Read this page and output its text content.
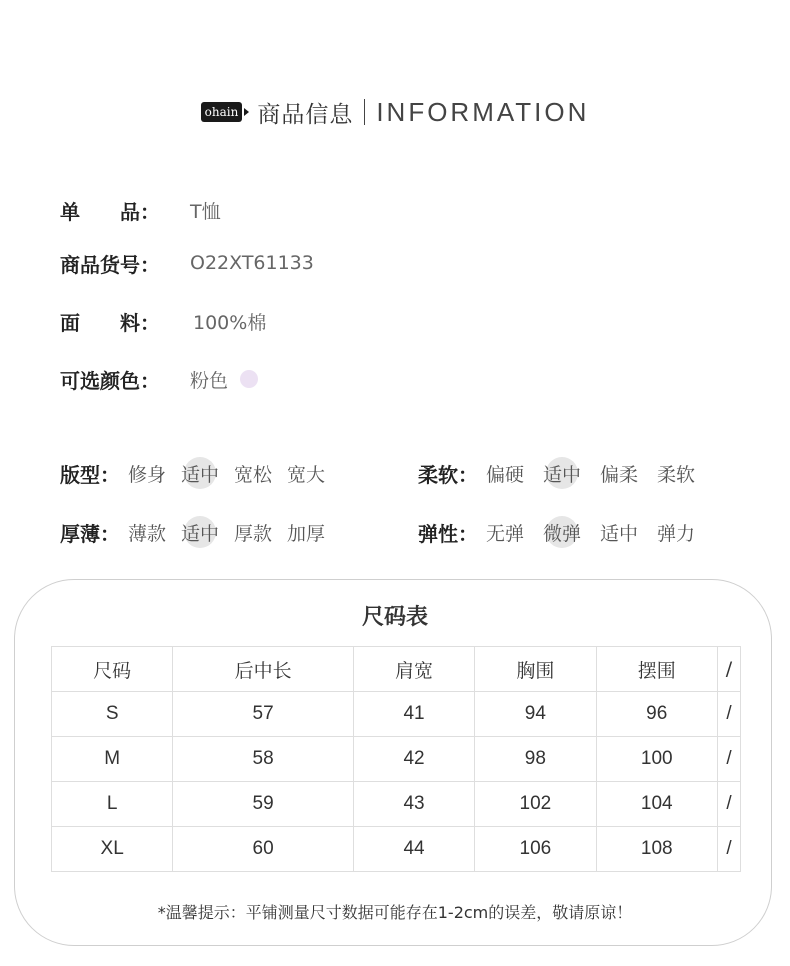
ohain 商品信息 INFORMATION
单　　品：	T恤
商品货号：	O22XT61133
面　　料：	100%棉
可选颜色：	粉色
版型： 修身 适中 宽松 宽大	柔软： 偏硬 适中 偏柔 柔软
厚薄： 薄款 适中 厚款 加厚	弹性： 无弹 微弹 适中 弹力
尺码表
尺码	后中长	肩宽	胸围	摆围	/
S	57	41	94	96	/
M	58	42	98	100	/
L	59	43	102	104	/
XL	60	44	106	108	/
*温馨提示：平铺测量尺寸数据可能存在1-2cm的误差，敬请原谅！
